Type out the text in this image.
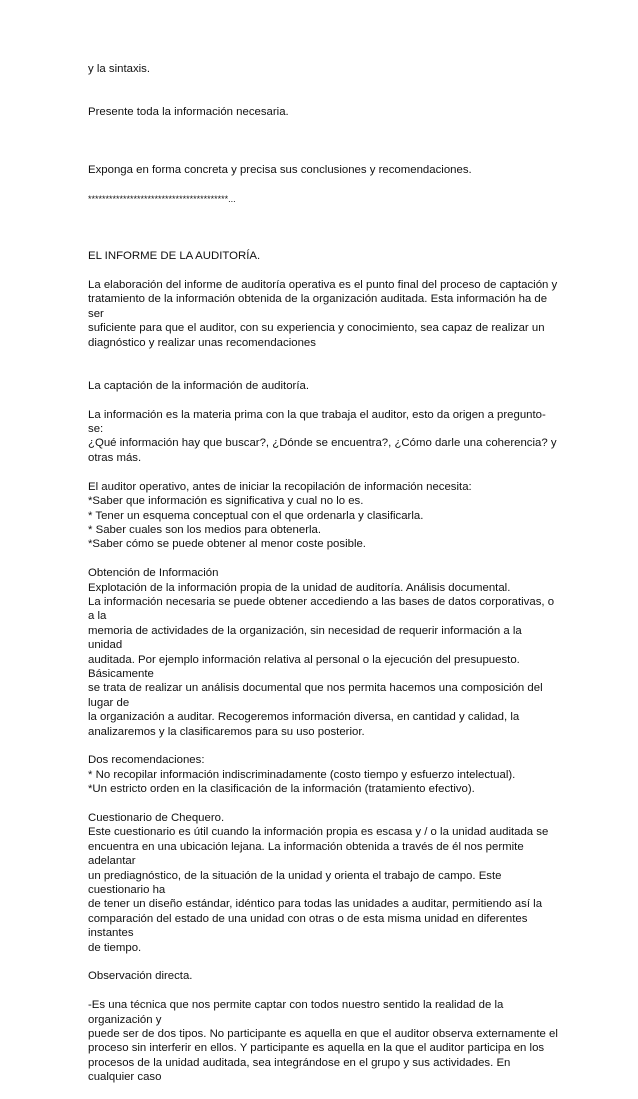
y la sintaxis.

Presente toda la información necesaria.

Exponga en forma concreta y precisa sus conclusiones y recomendaciones.

****************************************...

EL INFORME DE LA AUDITORÍA.

La elaboración del informe de auditoría operativa es el punto final del proceso de captación y
tratamiento de la información obtenida de la organización auditada. Esta información ha de ser
suficiente para que el auditor, con su experiencia y conocimiento, sea capaz de realizar un
diagnóstico y realizar unas recomendaciones

La captación de la información de auditoría.

La información es la materia prima con la que trabaja el auditor, esto da origen a pregunto-se:
¿Qué información hay que buscar?, ¿Dónde se encuentra?, ¿Cómo darle una coherencia? y
otras más.

El auditor operativo, antes de iniciar la recopilación de información necesita:
*Saber que información es significativa y cual no lo es.
* Tener un esquema conceptual con el que ordenarla y clasificarla.
* Saber cuales son los medios para obtenerla.
*Saber cómo se puede obtener al menor coste posible.

Obtención de Información
Explotación de la información propia de la unidad de auditoría. Análisis documental.
La información necesaria se puede obtener accediendo a las bases de datos corporativas, o a la
memoria de actividades de la organización, sin necesidad de requerir información a la unidad
auditada. Por ejemplo información relativa al personal o la ejecución del presupuesto. Básicamente
se trata de realizar un análisis documental que nos permita hacemos una composición del lugar de
la organización a auditar. Recogeremos información diversa, en cantidad y calidad, la
analizaremos y la clasificaremos para su uso posterior.

Dos recomendaciones:
* No recopilar información indiscriminadamente (costo tiempo y esfuerzo intelectual).
*Un estricto orden en la clasificación de la información (tratamiento efectivo).

Cuestionario de Chequero.
Este cuestionario es útil cuando la información propia es escasa y / o la unidad auditada se
encuentra en una ubicación lejana. La información obtenida a través de él nos permite adelantar
un prediagnóstico, de la situación de la unidad y orienta el trabajo de campo. Este cuestionario ha
de tener un diseño estándar, idéntico para todas las unidades a auditar, permitiendo así la
comparación del estado de una unidad con otras o de esta misma unidad en diferentes instantes
de tiempo.

Observación directa.

-Es una técnica que nos permite captar con todos nuestro sentido la realidad de la organización y
puede ser de dos tipos. No participante es aquella en que el auditor observa externamente el
proceso sin interferir en ellos. Y participante es aquella en la que el auditor participa en los
procesos de la unidad auditada, sea integrándose en el grupo y sus actividades. En cualquier caso
